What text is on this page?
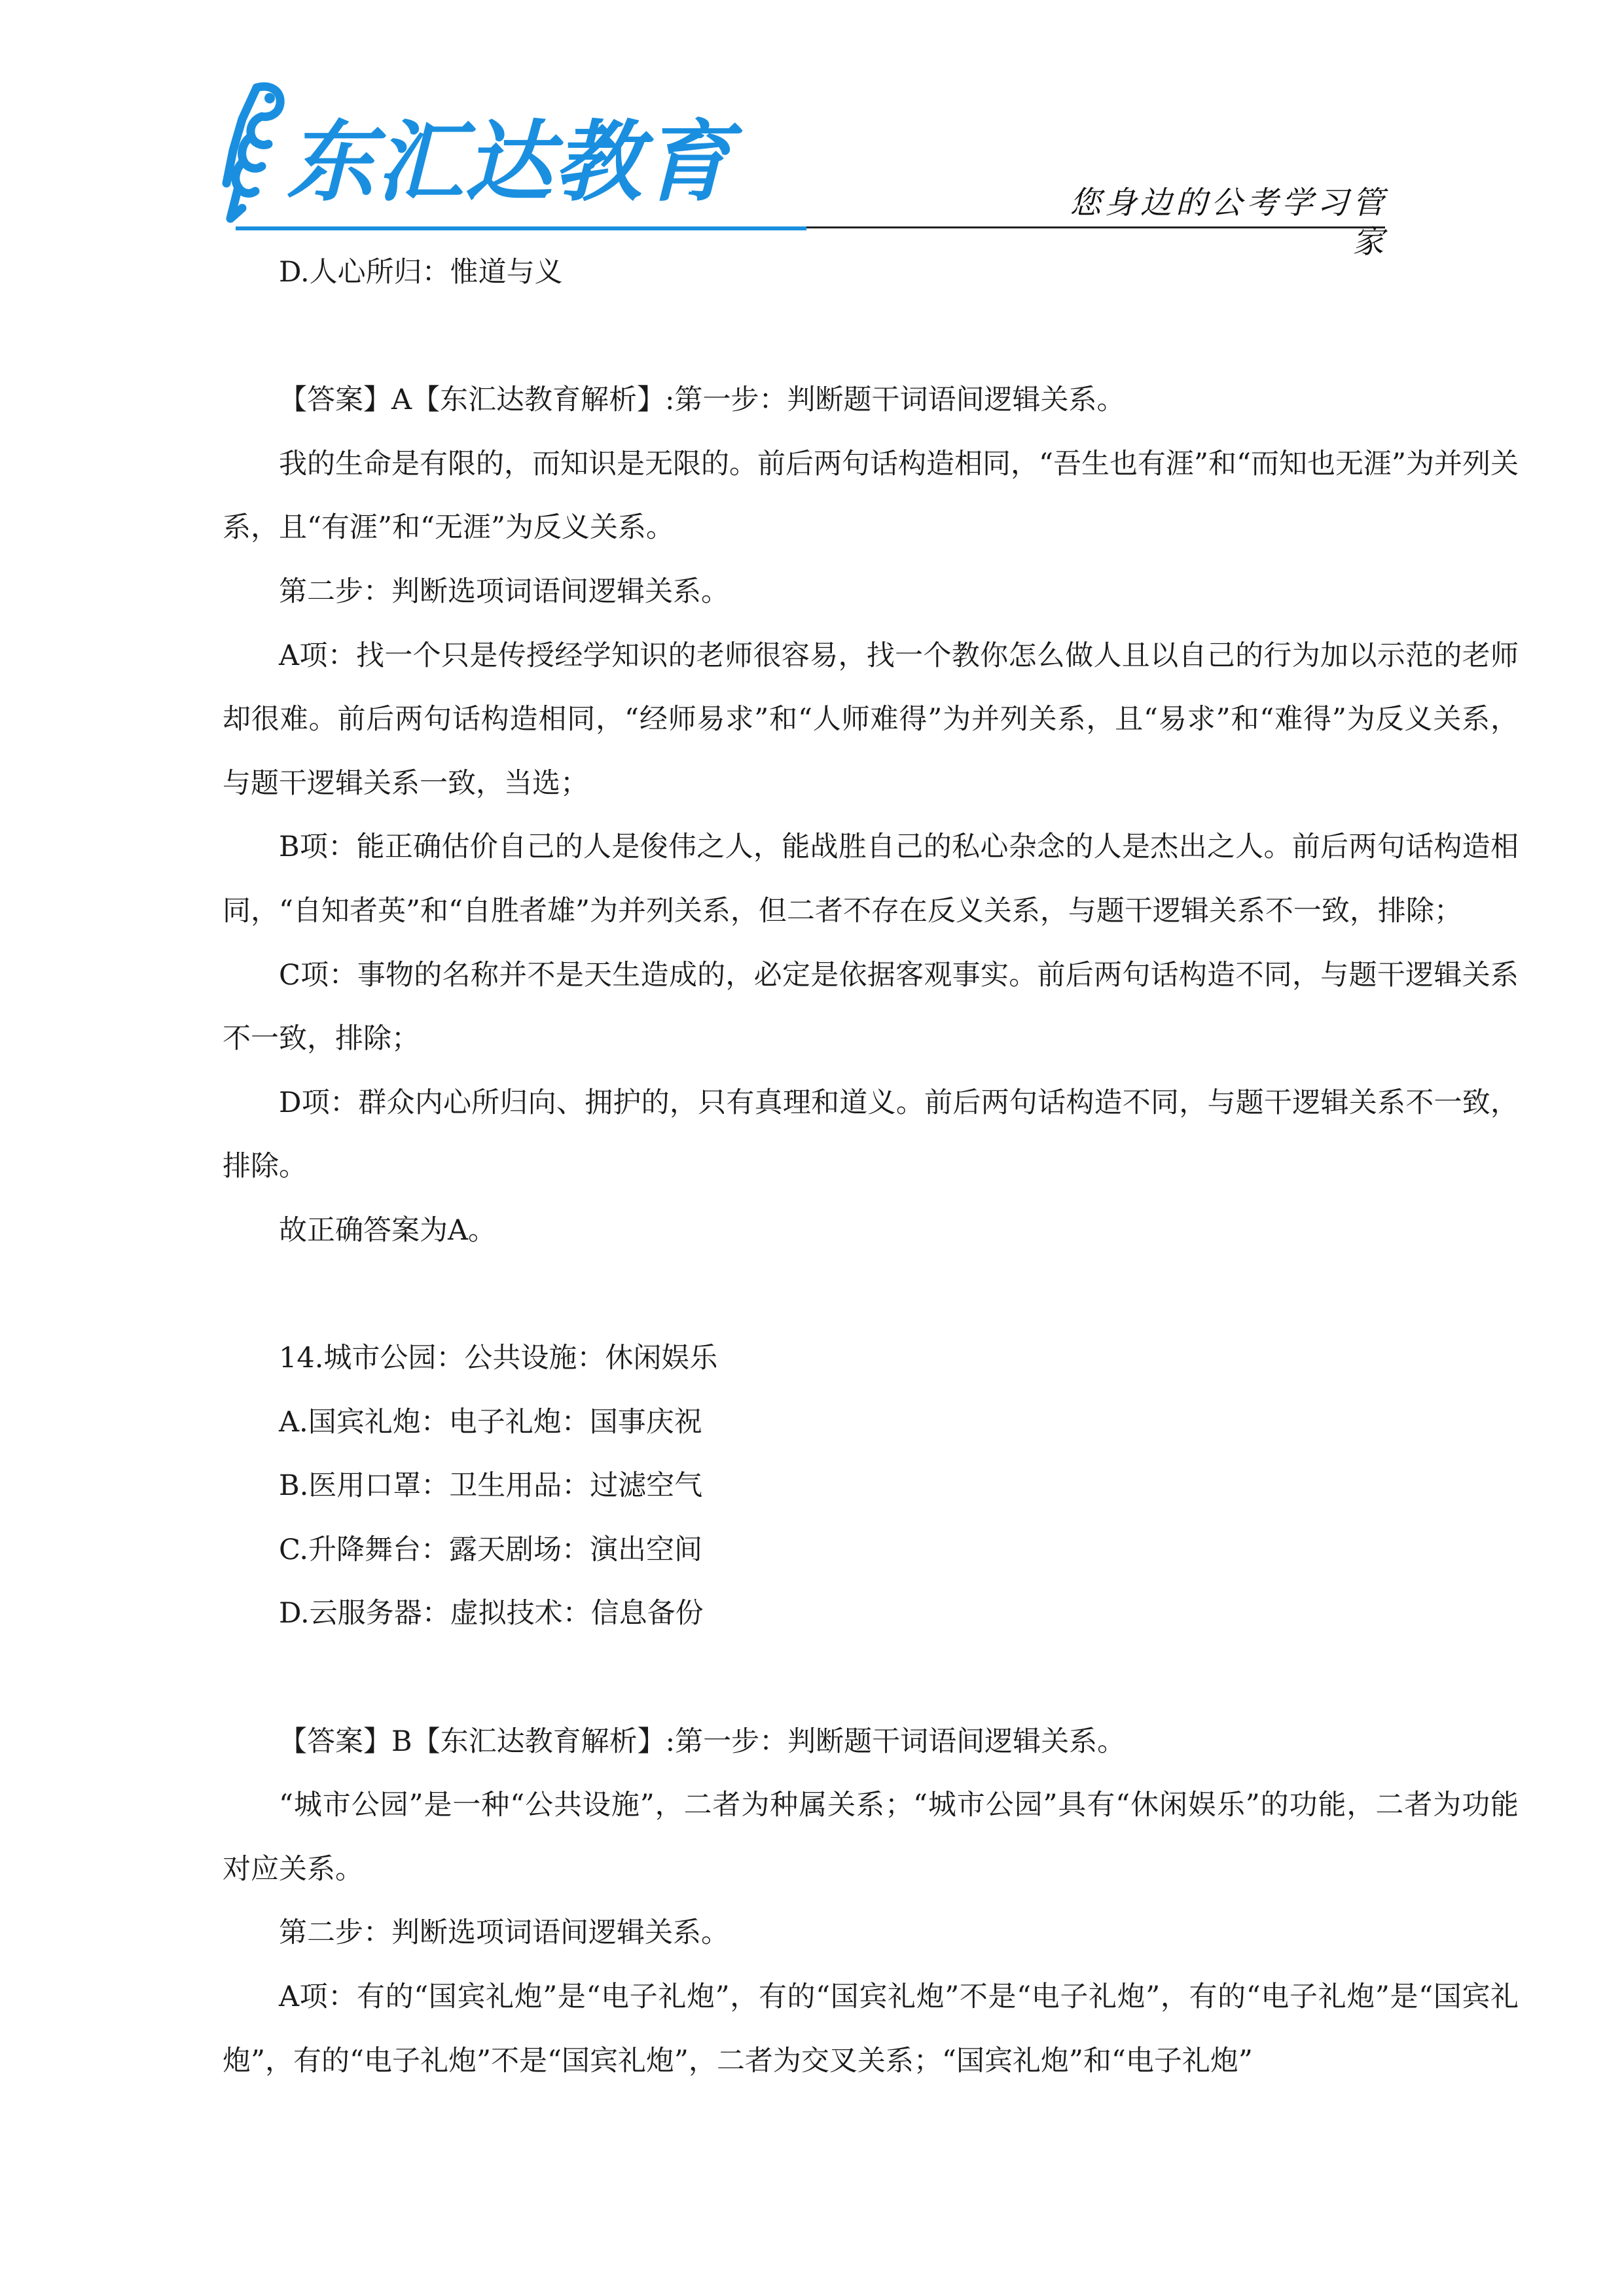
东汇达教育	您身边的公考学习管家

D.人心所归：惟道与义

【答案】A【东汇达教育解析】:第一步：判断题干词语间逻辑关系。

我的生命是有限的，而知识是无限的。前后两句话构造相同，“吾生也有涯”和“而知也无涯”为并列关系，且“有涯”和“无涯”为反义关系。

第二步：判断选项词语间逻辑关系。

A项：找一个只是传授经学知识的老师很容易，找一个教你怎么做人且以自己的行为加以示范的老师却很难。前后两句话构造相同，“经师易求”和“人师难得”为并列关系，且“易求”和“难得”为反义关系，与题干逻辑关系一致，当选；

B项：能正确估价自己的人是俊伟之人，能战胜自己的私心杂念的人是杰出之人。前后两句话构造相同，“自知者英”和“自胜者雄”为并列关系，但二者不存在反义关系，与题干逻辑关系不一致，排除；

C项：事物的名称并不是天生造成的，必定是依据客观事实。前后两句话构造不同，与题干逻辑关系不一致，排除；

D项：群众内心所归向、拥护的，只有真理和道义。前后两句话构造不同，与题干逻辑关系不一致，排除。

故正确答案为A。

14.城市公园：公共设施：休闲娱乐

A.国宾礼炮：电子礼炮：国事庆祝

B.医用口罩：卫生用品：过滤空气

C.升降舞台：露天剧场：演出空间

D.云服务器：虚拟技术：信息备份

【答案】B【东汇达教育解析】:第一步：判断题干词语间逻辑关系。

“城市公园”是一种“公共设施”，二者为种属关系；“城市公园”具有“休闲娱乐”的功能，二者为功能对应关系。

第二步：判断选项词语间逻辑关系。

A项：有的“国宾礼炮”是“电子礼炮”，有的“国宾礼炮”不是“电子礼炮”，有的“电子礼炮”是“国宾礼炮”，有的“电子礼炮”不是“国宾礼炮”，二者为交叉关系；“国宾礼炮”和“电子礼炮”
